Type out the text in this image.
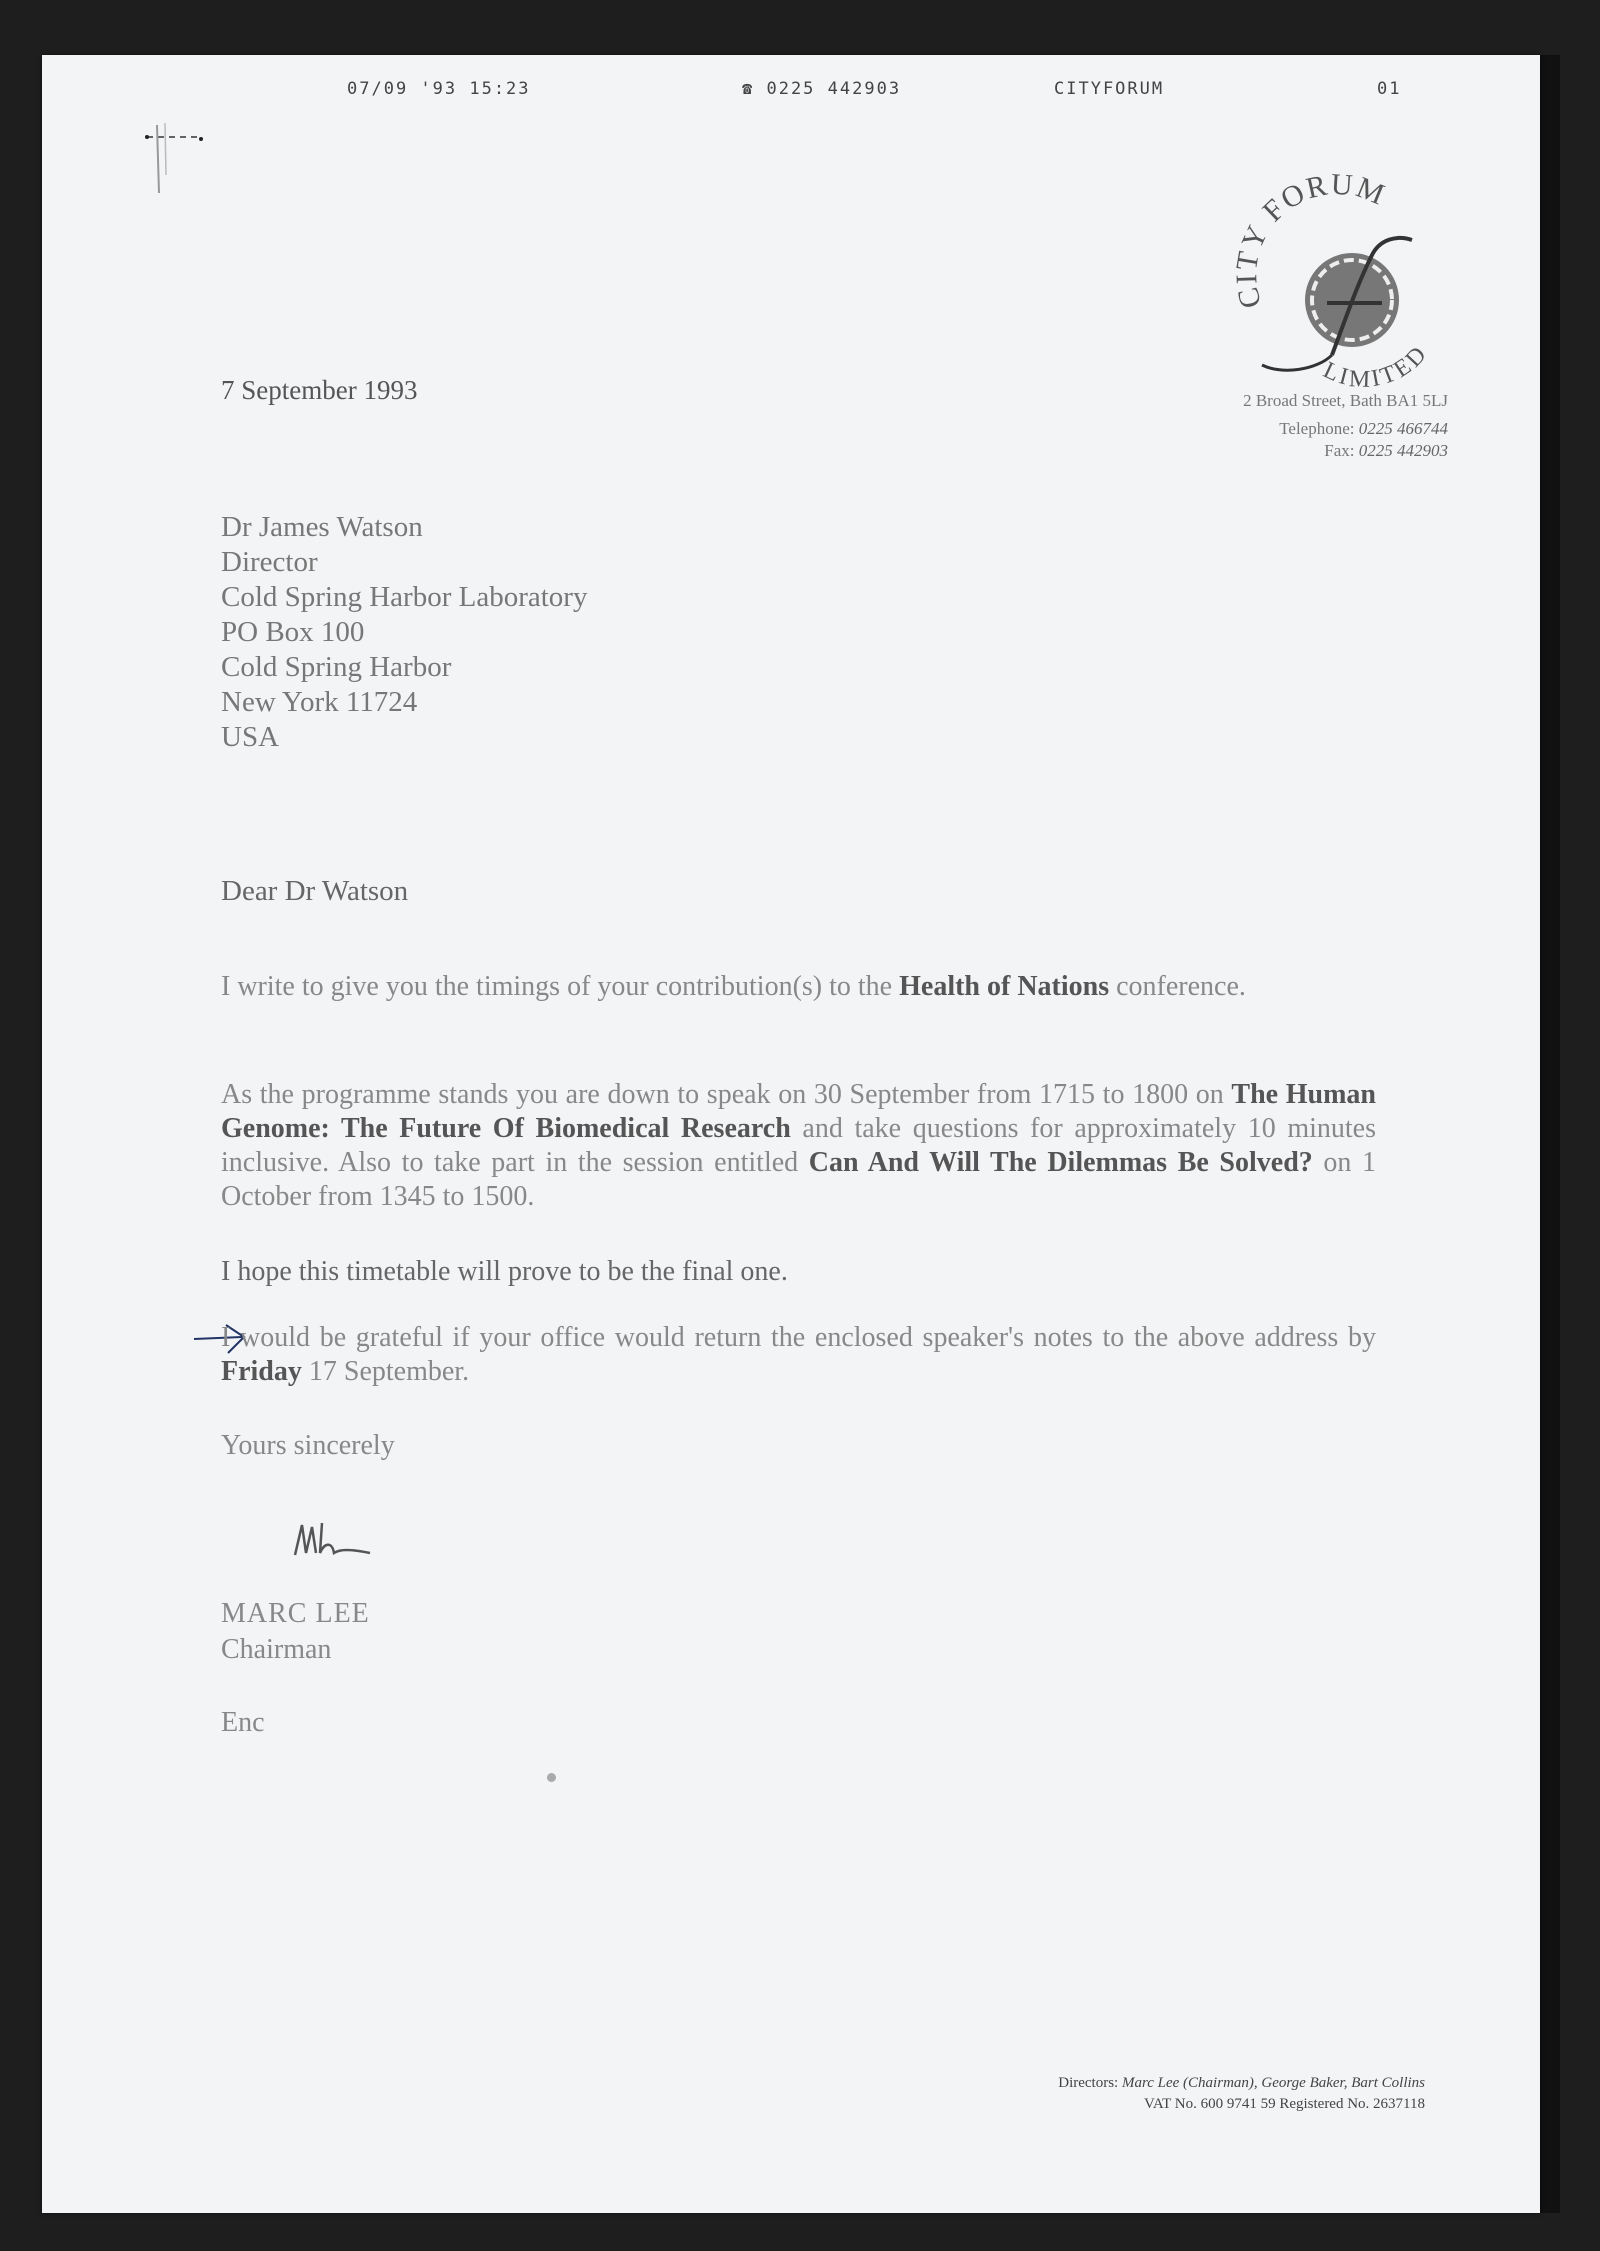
07/09 '93 15:23	☎ 0225 442903	CITYFORUM	01
CITY FORUM
LIMITED
7 September 1993	2 Broad Street, Bath BA1 5LJ
Telephone: 0225 466744
Fax: 0225 442903
Dr James Watson
Director
Cold Spring Harbor Laboratory
PO Box 100
Cold Spring Harbor
New York 11724
USA
Dear Dr Watson
I write to give you the timings of your contribution(s) to the Health of Nations conference.
As the programme stands you are down to speak on 30 September from 1715 to 1800 on The Human Genome: The Future Of Biomedical Research and take questions for approximately 10 minutes inclusive. Also to take part in the session entitled Can And Will The Dilemmas Be Solved? on 1 October from 1345 to 1500.
I hope this timetable will prove to be the final one.
I would be grateful if your office would return the enclosed speaker's notes to the above address by Friday 17 September.
Yours sincerely
MARC LEE
Chairman
Enc
Directors: Marc Lee (Chairman), George Baker, Bart Collins
VAT No. 600 9741 59 Registered No. 2637118
